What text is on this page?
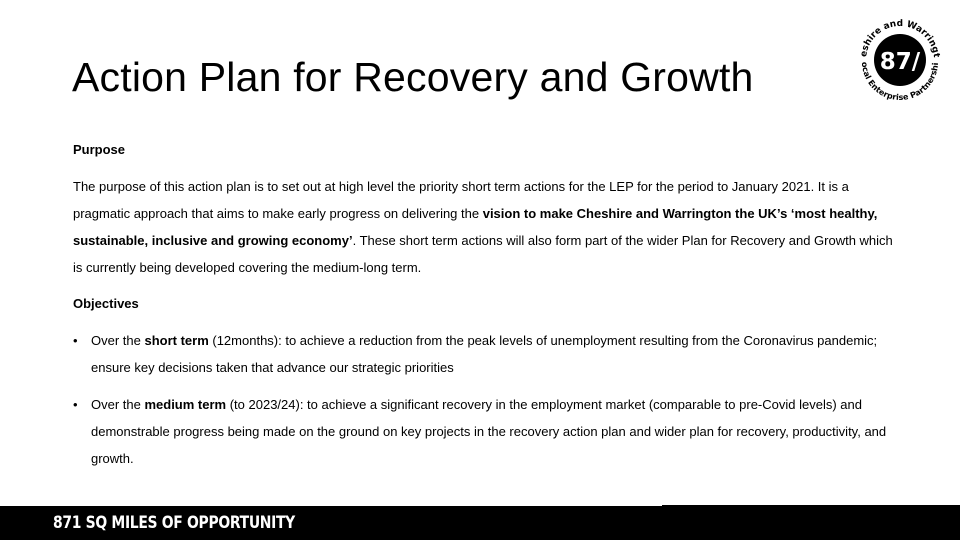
Action Plan for Recovery and Growth	87/
eshire and Warringt
ocal Enterprise Partnershi

Purpose

The purpose of this action plan is to set out at high level the priority short term actions for the LEP for the period to January 2021. It is a pragmatic approach that aims to make early progress on delivering the vision to make Cheshire and Warrington the UK’s ‘most healthy, sustainable, inclusive and growing economy’. These short term actions will also form part of the wider Plan for Recovery and Growth which is currently being developed covering the medium-long term.

Objectives

• Over the short term (12months): to achieve a reduction from the peak levels of unemployment resulting from the Coronavirus pandemic; ensure key decisions taken that advance our strategic priorities
• Over the medium term (to 2023/24): to achieve a significant recovery in the employment market (comparable to pre-Covid levels) and demonstrable progress being made on the ground on key projects in the recovery action plan and wider plan for recovery, productivity, and growth.
871 SQ MILES OF OPPORTUNITY
